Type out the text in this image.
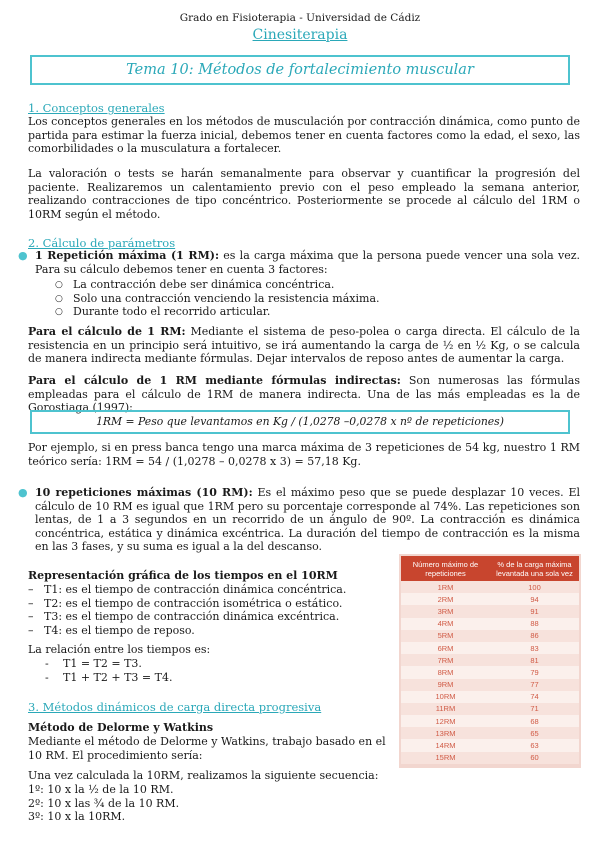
Grado en Fisioterapia - Universidad de Cádiz
Cinesiterapia
Tema 10: Métodos de fortalecimiento muscular
1. Conceptos generales
Los conceptos generales en los métodos de musculación por contracción dinámica, como punto de partida para estimar la fuerza inicial, debemos tener en cuenta factores como la edad, el sexo, las comorbilidades o la musculatura a fortalecer.
La valoración o tests se harán semanalmente para observar y cuantificar la progresión del paciente. Realizaremos un calentamiento previo con el peso empleado la semana anterior, realizando contracciones de tipo concéntrico. Posteriormente se procede al cálculo del 1RM o 10RM según el método.
2. Cálculo de parámetros
● 1 Repetición máxima (1 RM): es la carga máxima que la persona puede vencer una sola vez. Para su cálculo debemos tener en cuenta 3 factores:
○ La contracción debe ser dinámica concéntrica.
○ Solo una contracción venciendo la resistencia máxima.
○ Durante todo el recorrido articular.
Para el cálculo de 1 RM: Mediante el sistema de peso-polea o carga directa. El cálculo de la resistencia en un principio será intuitivo, se irá aumentando la carga de ½ en ½ Kg, o se calcula de manera indirecta mediante fórmulas. Dejar intervalos de reposo antes de aumentar la carga.
Para el cálculo de 1 RM mediante fórmulas indirectas: Son numerosas las fórmulas empleadas para el cálculo de 1RM de manera indirecta. Una de las más empleadas es la de Gorostiaga (1997):
1RM = Peso que levantamos en Kg / (1,0278 –0,0278 x nº de repeticiones)
Por ejemplo, si en press banca tengo una marca máxima de 3 repeticiones de 54 kg, nuestro 1 RM teórico sería: 1RM = 54 / (1,0278 – 0,0278 x 3) = 57,18 Kg.
● 10 repeticiones máximas (10 RM): Es el máximo peso que se puede desplazar 10 veces. El cálculo de 10 RM es igual que 1RM pero su porcentaje corresponde al 74%. Las repeticiones son lentas, de 1 a 3 segundos en un recorrido de un ángulo de 90º. La contracción es dinámica concéntrica, estática y dinámica excéntrica. La duración del tiempo de contracción es la misma en las 3 fases, y su suma es igual a la del descanso.
Representación gráfica de los tiempos en el 10RM
– T1: es el tiempo de contracción dinámica concéntrica.
– T2: es el tiempo de contracción isométrica o estático.
– T3: es el tiempo de contracción dinámica excéntrica.
– T4: es el tiempo de reposo.
La relación entre los tiempos es:
- T1 = T2 = T3.
- T1 + T2 + T3 = T4.
3. Métodos dinámicos de carga directa progresiva
Método de Delorme y Watkins
Mediante el método de Delorme y Watkins, trabajo basado en el 10 RM. El procedimiento sería:
Una vez calculada la 10RM, realizamos la siguiente secuencia:
1º: 10 x la ½ de la 10 RM.
2º: 10 x las ¾ de la 10 RM.
3º: 10 x la 10RM.
Número máximo de repeticiones	% de la carga máxima levantada una sola vez
1RM	100
2RM	94
3RM	91
4RM	88
5RM	86
6RM	83
7RM	81
8RM	79
9RM	77
10RM	74
11RM	71
12RM	68
13RM	65
14RM	63
15RM	60
